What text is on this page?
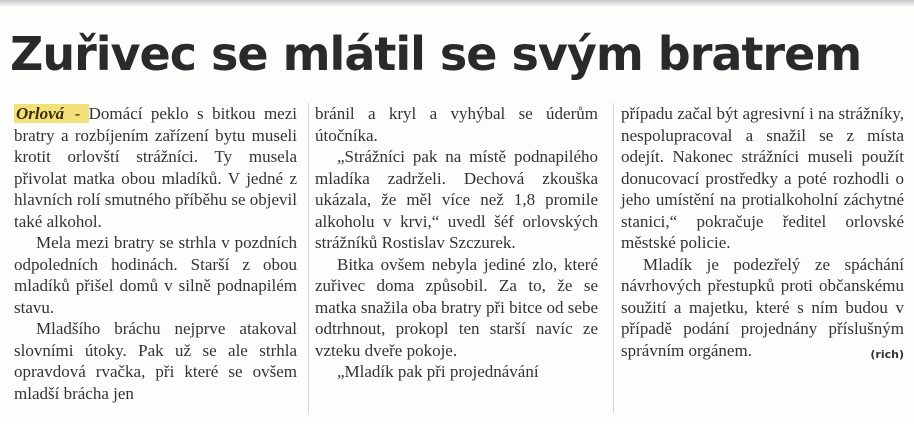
Zuřivec se mlátil se svým bratrem

Orlová - Domácí peklo s bitkou mezi bratry a rozbíjením zařízení bytu museli krotit orlovští strážníci. Ty musela přivolat matka obou mladíků. V jedné z hlavních rolí smutného příběhu se objevil také alkohol.

Mela mezi bratry se strhla v pozdních odpoledních hodinách. Starší z obou mladíků přišel domů v silně podnapilém stavu.

Mladšího bráchu nejprve atakoval slovními útoky. Pak už se ale strhla opravdová rvačka, při které se ovšem mladší brácha jen

bránil a kryl a vyhýbal se úderům útočníka.

„Strážníci pak na místě podnapilého mladíka zadrželi. Dechová zkouška ukázala, že měl více než 1,8 promile alkoholu v krvi,“ uvedl šéf orlovských strážníků Rostislav Szczurek.

Bitka ovšem nebyla jediné zlo, které zuřivec doma způsobil. Za to, že se matka snažila oba bratry při bitce od sebe odtrhnout, prokopl ten starší navíc ze vzteku dveře pokoje.

„Mladík pak při projednávání

případu začal být agresivní i na strážníky, nespolupracoval a snažil se z místa odejít. Nakonec strážníci museli použít donucovací prostředky a poté rozhodli o jeho umístění na protialkoholní záchytné stanici,“ pokračuje ředitel orlovské městské policie.

Mladík je podezřelý ze spáchání návrhových přestupků proti občanskému soužití a majetku, které s ním budou v případě podání projednány příslušným správním orgánem.	(rich)
